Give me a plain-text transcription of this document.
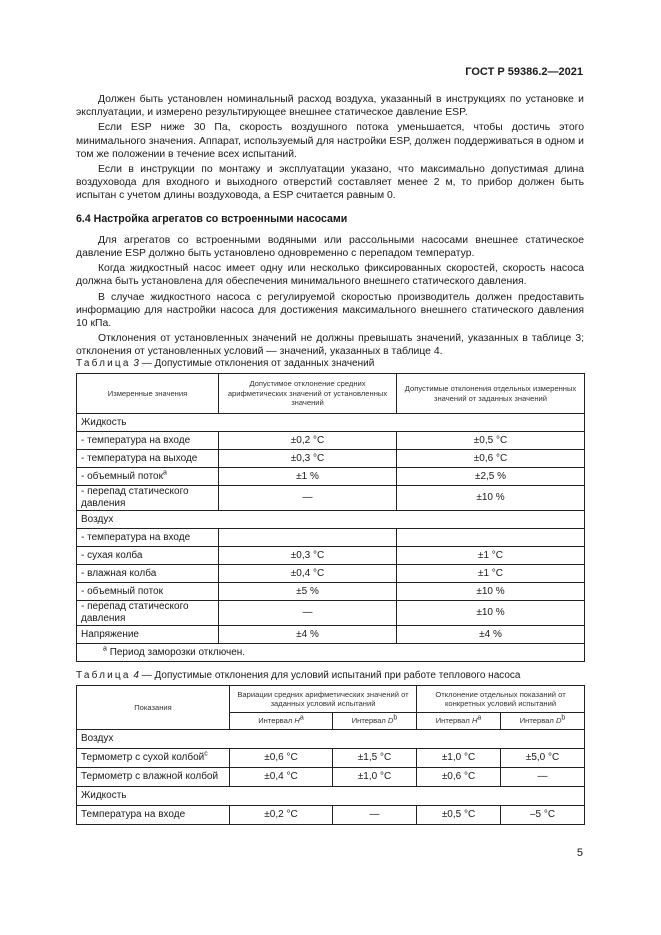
ГОСТ Р 59386.2—2021

Должен быть установлен номинальный расход воздуха, указанный в инструкциях по установке и эксплуатации, и измерено результирующее внешнее статическое давление ESP.

Если ESP ниже 30 Па, скорость воздушного потока уменьшается, чтобы достичь этого минимального значения. Аппарат, используемый для настройки ESP, должен поддерживаться в одном и том же положении в течение всех испытаний.

Если в инструкции по монтажу и эксплуатации указано, что максимально допустимая длина воздуховода для входного и выходного отверстий составляет менее 2 м, то прибор должен быть испытан с учетом длины воздуховода, а ESP считается равным 0.

6.4 Настройка агрегатов со встроенными насосами

Для агрегатов со встроенными водяными или рассольными насосами внешнее статическое давление ESP должно быть установлено одновременно с перепадом температур.

Когда жидкостный насос имеет одну или несколько фиксированных скоростей, скорость насоса должна быть установлена для обеспечения минимального внешнего статического давления.

В случае жидкостного насоса с регулируемой скоростью производитель должен предоставить информацию для настройки насоса для достижения максимального внешнего статического давления 10 кПа.

Отклонения от установленных значений не должны превышать значений, указанных в таблице 3; отклонения от установленных условий — значений, указанных в таблице 4.

Таблица 3 — Допустимые отклонения от заданных значений
Измеренные значения	Допустимое отклонение средних арифметических значений от установленных значений	Допустимые отклонения отдельных измеренных значений от заданных значений
Жидкость		
- температура на входе	±0,2 °С	±0,5 °С
- температура на выходе	±0,3 °С	±0,6 °С
- объемный поток$^a$	±1 %	±2,5 %
- перепад статического давления	—	±10 %
Воздух		
- температура на входе		
- сухая колба	±0,3 °С	±1 °С
- влажная колба	±0,4 °С	±1 °С
- объемный поток	±5 %	±10 %
- перепад статического давления	—	±10 %
Напряжение	±4 %	±4 %
$^a$ Период заморозки отключен.		
Таблица 4 — Допустимые отклонения для условий испытаний при работе теплового насоса
Показания	Вариации средних арифметических значений от заданных условий испытаний		Отклонение отдельных показаний от конкретных условий испытаний	
	Интервал $H^a$	Интервал $D^b$	Интервал $H^a$	Интервал $D^b$
Воздух				
Термометр с сухой колбой$^c$	±0,6 °С	±1,5 °С	±1,0 °С	±5,0 °С
Термометр с влажной колбой	±0,4 °С	±1,0 °С	±0,6 °С	—
Жидкость				
Температура на входе	±0,2 °С	—	±0,5 °С	–5 °С
5
